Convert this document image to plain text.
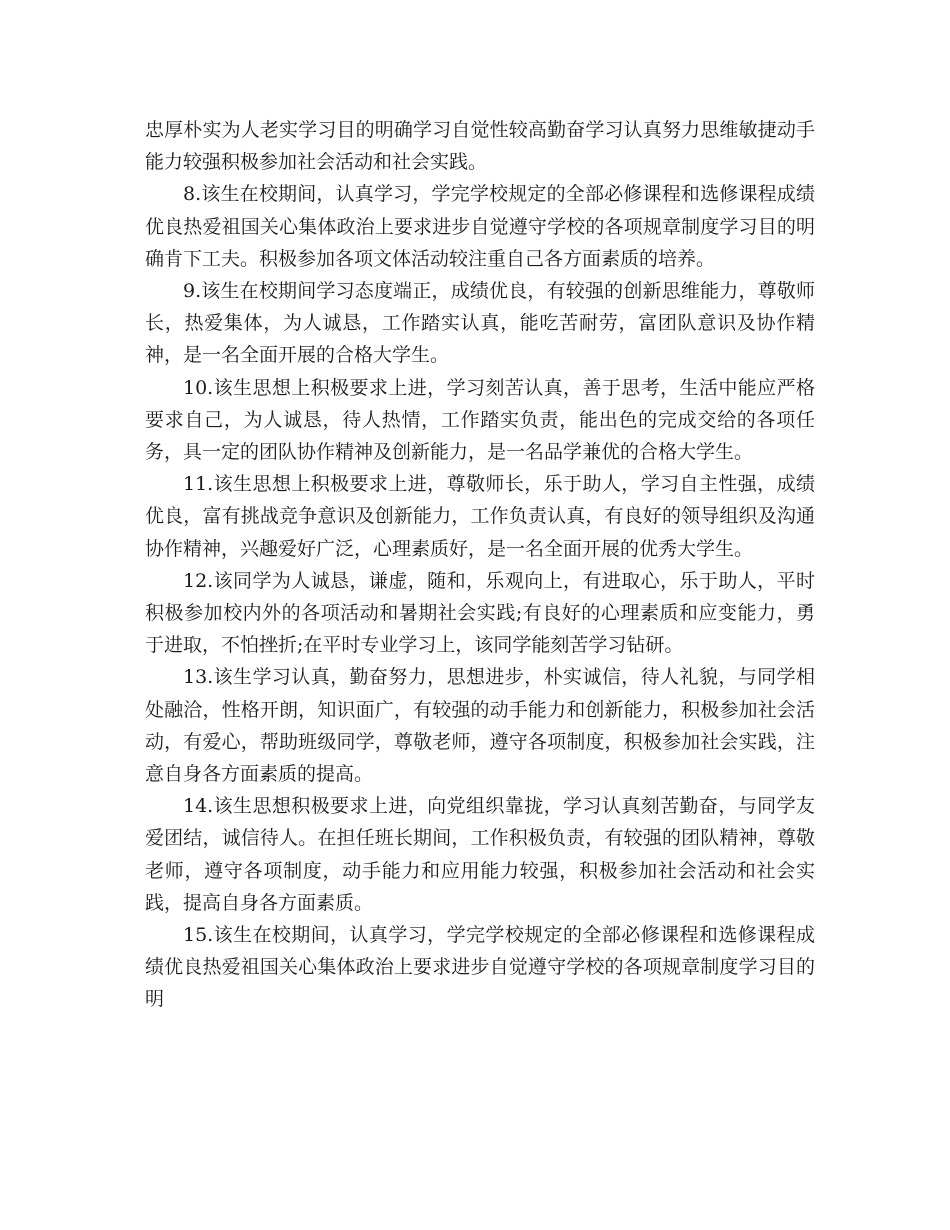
忠厚朴实为人老实学习目的明确学习自觉性较高勤奋学习认真努力思维敏捷动手能力较强积极参加社会活动和社会实践。

8.该生在校期间，认真学习，学完学校规定的全部必修课程和选修课程成绩优良热爱祖国关心集体政治上要求进步自觉遵守学校的各项规章制度学习目的明确肯下工夫。积极参加各项文体活动较注重自己各方面素质的培养。

9.该生在校期间学习态度端正，成绩优良，有较强的创新思维能力，尊敬师长，热爱集体，为人诚恳，工作踏实认真，能吃苦耐劳，富团队意识及协作精神，是一名全面开展的合格大学生。

10.该生思想上积极要求上进，学习刻苦认真，善于思考，生活中能应严格要求自己，为人诚恳，待人热情，工作踏实负责，能出色的完成交给的各项任务，具一定的团队协作精神及创新能力，是一名品学兼优的合格大学生。

11.该生思想上积极要求上进，尊敬师长，乐于助人，学习自主性强，成绩优良，富有挑战竞争意识及创新能力，工作负责认真，有良好的领导组织及沟通协作精神，兴趣爱好广泛，心理素质好，是一名全面开展的优秀大学生。

12.该同学为人诚恳，谦虚，随和，乐观向上，有进取心，乐于助人，平时积极参加校内外的各项活动和暑期社会实践;有良好的心理素质和应变能力，勇于进取，不怕挫折;在平时专业学习上，该同学能刻苦学习钻研。

13.该生学习认真，勤奋努力，思想进步，朴实诚信，待人礼貌，与同学相处融洽，性格开朗，知识面广，有较强的动手能力和创新能力，积极参加社会活动，有爱心，帮助班级同学，尊敬老师，遵守各项制度，积极参加社会实践，注意自身各方面素质的提高。

14.该生思想积极要求上进，向党组织靠拢，学习认真刻苦勤奋，与同学友爱团结，诚信待人。在担任班长期间，工作积极负责，有较强的团队精神，尊敬老师，遵守各项制度，动手能力和应用能力较强，积极参加社会活动和社会实践，提高自身各方面素质。

15.该生在校期间，认真学习，学完学校规定的全部必修课程和选修课程成绩优良热爱祖国关心集体政治上要求进步自觉遵守学校的各项规章制度学习目的明
